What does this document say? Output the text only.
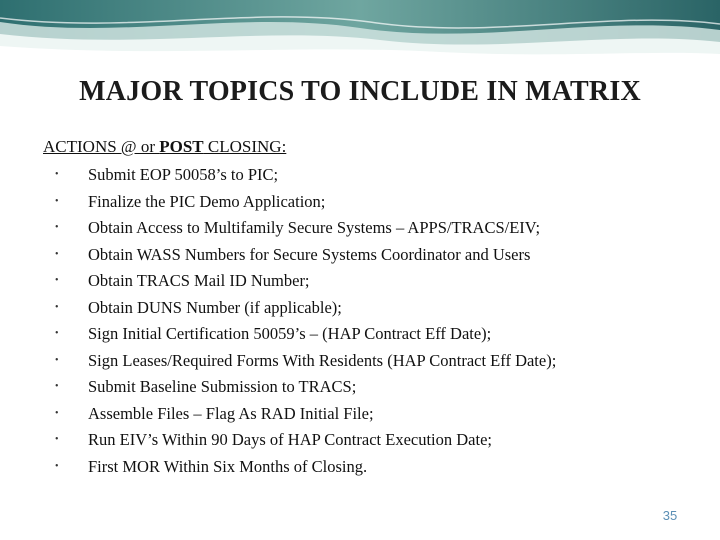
MAJOR TOPICS TO INCLUDE IN MATRIX
ACTIONS @ or POST CLOSING:
• Submit EOP 50058’s to PIC;
• Finalize the PIC Demo Application;
• Obtain Access to Multifamily Secure Systems – APPS/TRACS/EIV;
• Obtain WASS Numbers for Secure Systems Coordinator and Users
• Obtain TRACS Mail ID Number;
• Obtain DUNS Number (if applicable);
• Sign Initial Certification 50059’s – (HAP Contract Eff Date);
• Sign Leases/Required Forms With Residents (HAP Contract Eff Date);
• Submit Baseline Submission to TRACS;
• Assemble Files – Flag As RAD Initial File;
• Run EIV’s Within 90 Days of HAP Contract Execution Date;
• First MOR Within Six Months of Closing.
35
